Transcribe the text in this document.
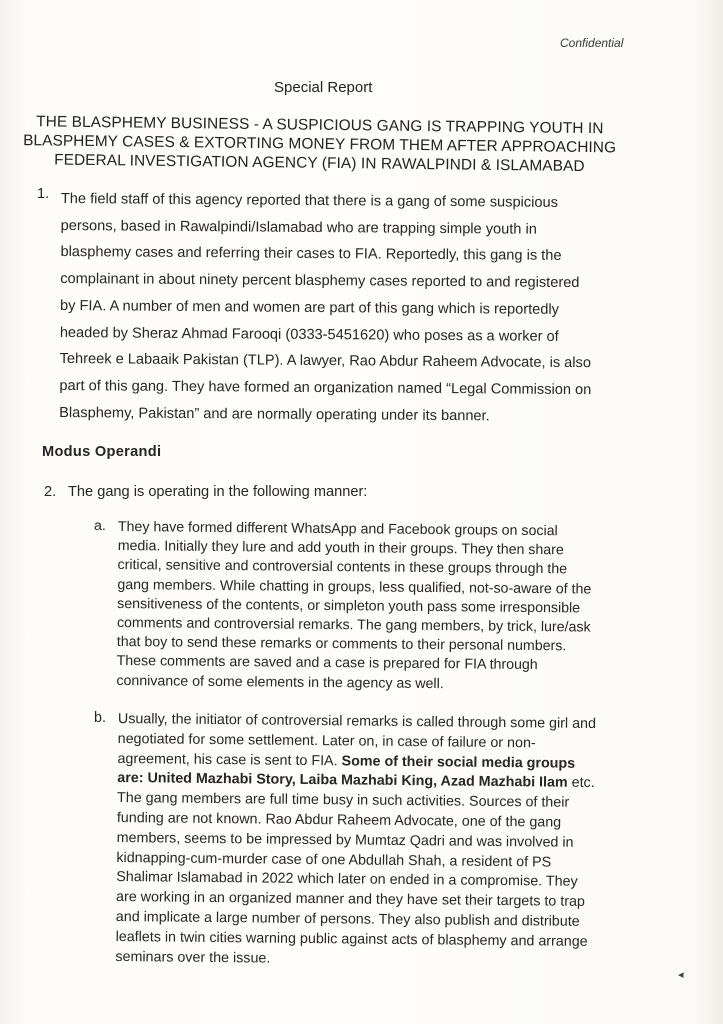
Confidential
Special Report
THE BLASPHEMY BUSINESS - A SUSPICIOUS GANG IS TRAPPING YOUTH IN
BLASPHEMY CASES & EXTORTING MONEY FROM THEM AFTER APPROACHING
FEDERAL INVESTIGATION AGENCY (FIA) IN RAWALPINDI & ISLAMABAD
1. The field staff of this agency reported that there is a gang of some suspicious
persons, based in Rawalpindi/Islamabad who are trapping simple youth in
blasphemy cases and referring their cases to FIA. Reportedly, this gang is the
complainant in about ninety percent blasphemy cases reported to and registered
by FIA. A number of men and women are part of this gang which is reportedly
headed by Sheraz Ahmad Farooqi (0333-5451620) who poses as a worker of
Tehreek e Labaaik Pakistan (TLP). A lawyer, Rao Abdur Raheem Advocate, is also
part of this gang. They have formed an organization named “Legal Commission on
Blasphemy, Pakistan” and are normally operating under its banner.
Modus Operandi
2. The gang is operating in the following manner:
a. They have formed different WhatsApp and Facebook groups on social
media. Initially they lure and add youth in their groups. They then share
critical, sensitive and controversial contents in these groups through the
gang members. While chatting in groups, less qualified, not-so-aware of the
sensitiveness of the contents, or simpleton youth pass some irresponsible
comments and controversial remarks. The gang members, by trick, lure/ask
that boy to send these remarks or comments to their personal numbers.
These comments are saved and a case is prepared for FIA through
connivance of some elements in the agency as well.
b. Usually, the initiator of controversial remarks is called through some girl and
negotiated for some settlement. Later on, in case of failure or non-
agreement, his case is sent to FIA. Some of their social media groups
are: United Mazhabi Story, Laiba Mazhabi King, Azad Mazhabi Ilam etc.
The gang members are full time busy in such activities. Sources of their
funding are not known. Rao Abdur Raheem Advocate, one of the gang
members, seems to be impressed by Mumtaz Qadri and was involved in
kidnapping-cum-murder case of one Abdullah Shah, a resident of PS
Shalimar Islamabad in 2022 which later on ended in a compromise. They
are working in an organized manner and they have set their targets to trap
and implicate a large number of persons. They also publish and distribute
leaflets in twin cities warning public against acts of blasphemy and arrange
seminars over the issue.
◂
